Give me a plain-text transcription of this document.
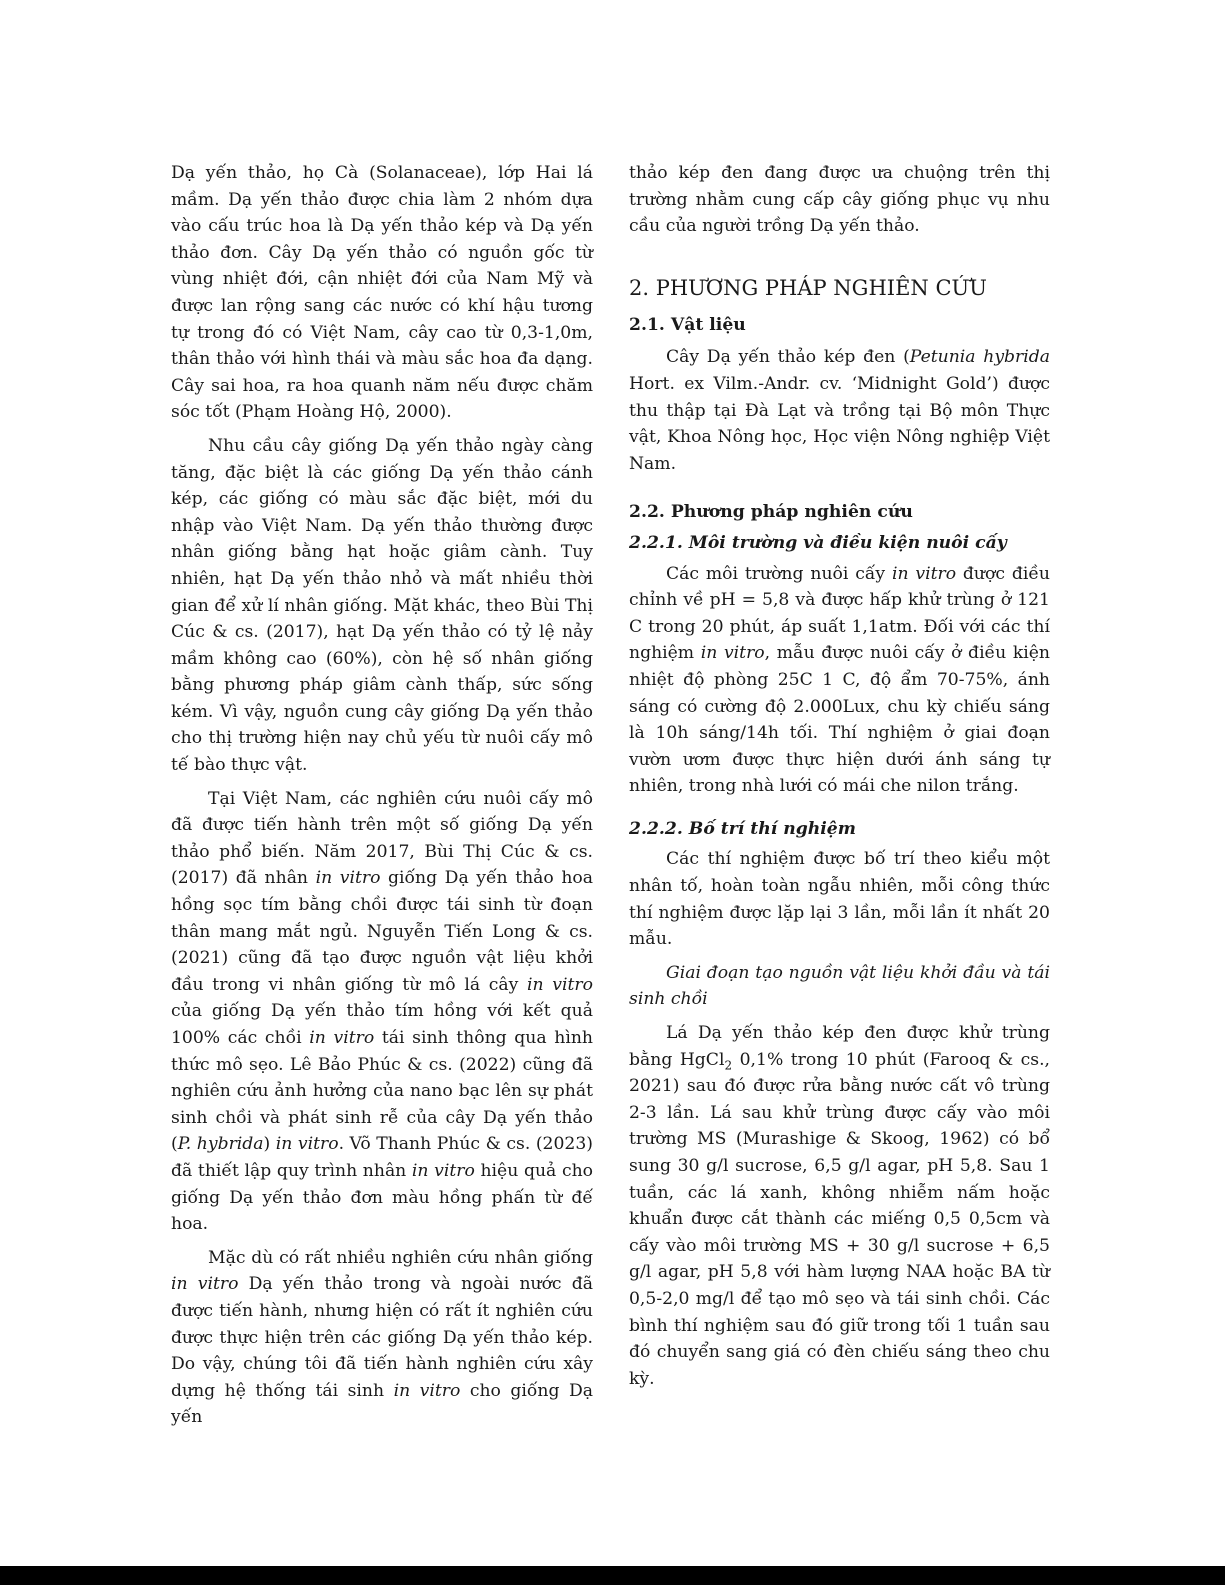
Dạ yến thảo, họ Cà (Solanaceae), lớp Hai lá mầm. Dạ yến thảo được chia làm 2 nhóm dựa vào cấu trúc hoa là Dạ yến thảo kép và Dạ yến thảo đơn. Cây Dạ yến thảo có nguồn gốc từ vùng nhiệt đới, cận nhiệt đới của Nam Mỹ và được lan rộng sang các nước có khí hậu tương tự trong đó có Việt Nam, cây cao từ 0,3-1,0m, thân thảo với hình thái và màu sắc hoa đa dạng. Cây sai hoa, ra hoa quanh năm nếu được chăm sóc tốt (Phạm Hoàng Hộ, 2000).

Nhu cầu cây giống Dạ yến thảo ngày càng tăng, đặc biệt là các giống Dạ yến thảo cánh kép, các giống có màu sắc đặc biệt, mới du nhập vào Việt Nam. Dạ yến thảo thường được nhân giống bằng hạt hoặc giâm cành. Tuy nhiên, hạt Dạ yến thảo nhỏ và mất nhiều thời gian để xử lí nhân giống. Mặt khác, theo Bùi Thị Cúc & cs. (2017), hạt Dạ yến thảo có tỷ lệ nảy mầm không cao (60%), còn hệ số nhân giống bằng phương pháp giâm cành thấp, sức sống kém. Vì vậy, nguồn cung cây giống Dạ yến thảo cho thị trường hiện nay chủ yếu từ nuôi cấy mô tế bào thực vật.

Tại Việt Nam, các nghiên cứu nuôi cấy mô đã được tiến hành trên một số giống Dạ yến thảo phổ biến. Năm 2017, Bùi Thị Cúc & cs. (2017) đã nhân in vitro giống Dạ yến thảo hoa hồng sọc tím bằng chồi được tái sinh từ đoạn thân mang mắt ngủ. Nguyễn Tiến Long & cs. (2021) cũng đã tạo được nguồn vật liệu khởi đầu trong vi nhân giống từ mô lá cây in vitro của giống Dạ yến thảo tím hồng với kết quả 100% các chồi in vitro tái sinh thông qua hình thức mô sẹo. Lê Bảo Phúc & cs. (2022) cũng đã nghiên cứu ảnh hưởng của nano bạc lên sự phát sinh chồi và phát sinh rễ của cây Dạ yến thảo (P. hybrida) in vitro. Võ Thanh Phúc & cs. (2023) đã thiết lập quy trình nhân in vitro hiệu quả cho giống Dạ yến thảo đơn màu hồng phấn từ đế hoa.

Mặc dù có rất nhiều nghiên cứu nhân giống in vitro Dạ yến thảo trong và ngoài nước đã được tiến hành, nhưng hiện có rất ít nghiên cứu được thực hiện trên các giống Dạ yến thảo kép. Do vậy, chúng tôi đã tiến hành nghiên cứu xây dựng hệ thống tái sinh in vitro cho giống Dạ yến

thảo kép đen đang được ưa chuộng trên thị trường nhằm cung cấp cây giống phục vụ nhu cầu của người trồng Dạ yến thảo.

2. PHƯƠNG PHÁP NGHIÊN CỨU
2.1. Vật liệu

Cây Dạ yến thảo kép đen (Petunia hybrida Hort. ex Vilm.-Andr. cv. ‘Midnight Gold’) được thu thập tại Đà Lạt và trồng tại Bộ môn Thực vật, Khoa Nông học, Học viện Nông nghiệp Việt Nam.

2.2. Phương pháp nghiên cứu
2.2.1. Môi trường và điều kiện nuôi cấy

Các môi trường nuôi cấy in vitro được điều chỉnh về pH = 5,8 và được hấp khử trùng ở 121 C trong 20 phút, áp suất 1,1atm. Đối với các thí nghiệm in vitro, mẫu được nuôi cấy ở điều kiện nhiệt độ phòng 25C 1 C, độ ẩm 70-75%, ánh sáng có cường độ 2.000Lux, chu kỳ chiếu sáng là 10h sáng/14h tối. Thí nghiệm ở giai đoạn vườn ươm được thực hiện dưới ánh sáng tự nhiên, trong nhà lưới có mái che nilon trắng.

2.2.2. Bố trí thí nghiệm

Các thí nghiệm được bố trí theo kiểu một nhân tố, hoàn toàn ngẫu nhiên, mỗi công thức thí nghiệm được lặp lại 3 lần, mỗi lần ít nhất 20 mẫu.

Giai đoạn tạo nguồn vật liệu khởi đầu và tái sinh chồi

Lá Dạ yến thảo kép đen được khử trùng bằng HgCl$_2$ 0,1% trong 10 phút (Farooq & cs., 2021) sau đó được rửa bằng nước cất vô trùng 2-3 lần. Lá sau khử trùng được cấy vào môi trường MS (Murashige & Skoog, 1962) có bổ sung 30 g/l sucrose, 6,5 g/l agar, pH 5,8. Sau 1 tuần, các lá xanh, không nhiễm nấm hoặc khuẩn được cắt thành các miếng 0,5 0,5cm và cấy vào môi trường MS + 30 g/l sucrose + 6,5 g/l agar, pH 5,8 với hàm lượng NAA hoặc BA từ 0,5-2,0 mg/l để tạo mô sẹo và tái sinh chồi. Các bình thí nghiệm sau đó giữ trong tối 1 tuần sau đó chuyển sang giá có đèn chiếu sáng theo chu kỳ.
